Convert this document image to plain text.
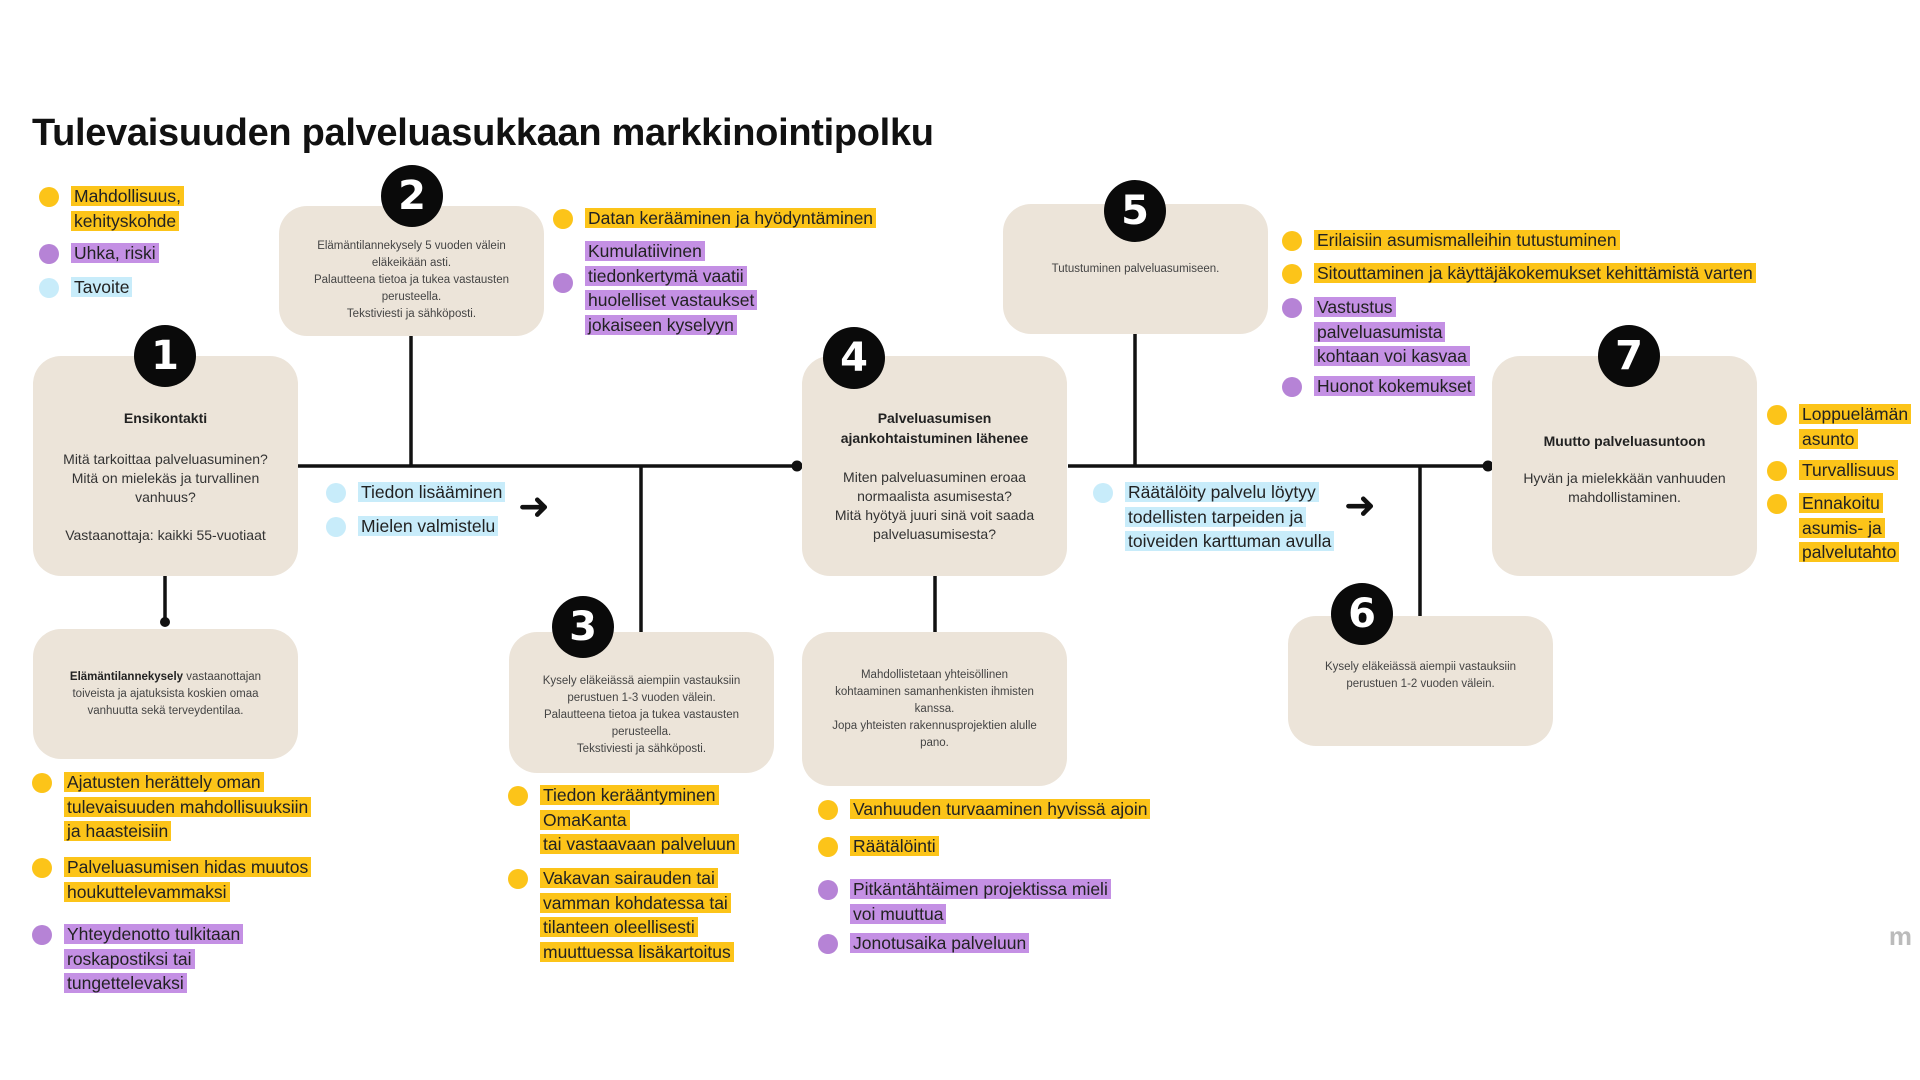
Tulevaisuuden palveluasukkaan markkinointipolku
Mahdollisuus,
kehityskohde
Uhka, riski
Tavoite
Ensikontakti
Mitä tarkoittaa palveluasuminen?
Mitä on mielekäs ja turvallinen
vanhuus?

Vastaanottaja: kaikki 55-vuotiaat
1
Elämäntilannekysely vastaanottajan
toiveista ja ajatuksista koskien omaa
vanhuutta sekä terveydentilaa.
Elämäntilannekysely 5 vuoden välein
eläkeikään asti.
Palautteena tietoa ja tukea vastausten
perusteella.
Tekstiviesti ja sähköposti.
2
Kysely eläkeiässä aiempiin vastauksiin
perustuen 1-3 vuoden välein.
Palautteena tietoa ja tukea vastausten
perusteella.
Tekstiviesti ja sähköposti.
3
Palveluasumisen
ajankohtaistuminen lähenee
Miten palveluasuminen eroaa
normaalista asumisesta?
Mitä hyötyä juuri sinä voit saada
palveluasumisesta?
4
Mahdollistetaan yhteisöllinen
kohtaaminen samanhenkisten ihmisten
kanssa.
Jopa yhteisten rakennusprojektien alulle
pano.
Tutustuminen palveluasumiseen.
5
Kysely eläkeiässä aiempii vastauksiin
perustuen 1-2 vuoden välein.
6
Muutto palveluasuntoon
Hyvän ja mielekkään vanhuuden
mahdollistaminen.
7
Ajatusten herättely oman
tulevaisuuden mahdollisuuksiin
ja haasteisiin
Palveluasumisen hidas muutos
houkuttelevammaksi
Yhteydenotto tulkitaan
roskapostiksi tai
tungettelevaksi
Datan kerääminen ja hyödyntäminen
Kumulatiivinen
tiedonkertymä vaatii
huolelliset vastaukset
jokaiseen kyselyyn
Tiedon lisääminen
Mielen valmistelu ➜
Tiedon kerääntyminen
OmaKanta
tai vastaavaan palveluun
Vakavan sairauden tai
vamman kohdatessa tai
tilanteen oleellisesti
muuttuessa lisäkartoitus
Vanhuuden turvaaminen hyvissä ajoin
Räätälöinti
Pitkäntähtäimen projektissa mieli
voi muuttua
Jonotusaika palveluun
Erilaisiin asumismalleihin tutustuminen
Sitouttaminen ja käyttäjäkokemukset kehittämistä varten
Vastustus
palveluasumista
kohtaan voi kasvaa
Huonot kokemukset
Räätälöity palvelu löytyy
todellisten tarpeiden ja
toiveiden karttuman avulla
➜
Loppuelämän
asunto
Turvallisuus
Ennakoitu
asumis- ja
palvelutahto
m
